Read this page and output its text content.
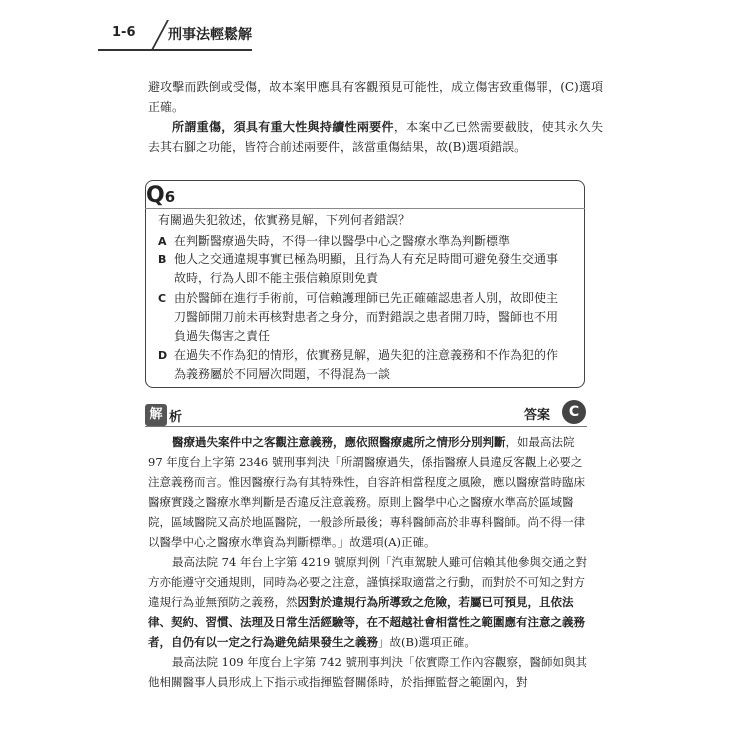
1-6 刑事法輕鬆解

避攻擊而跌倒或受傷，故本案甲應具有客觀預見可能性，成立傷害致重傷罪，(C)選項正確。

所謂重傷，須具有重大性與持續性兩要件，本案中乙已然需要截肢，使其永久失去其右腳之功能，皆符合前述兩要件，該當重傷結果，故(B)選項錯誤。

Q6
有關過失犯敘述，依實務見解，下列何者錯誤？
A 在判斷醫療過失時，不得一律以醫學中心之醫療水準為判斷標準
B 他人之交通違規事實已極為明顯，且行為人有充足時間可避免發生交通事
故時，行為人即不能主張信賴原則免責
C 由於醫師在進行手術前，可信賴護理師已先正確確認患者人別，故即使主
刀醫師開刀前未再核對患者之身分，而對錯誤之患者開刀時，醫師也不用
負過失傷害之責任
D 在過失不作為犯的情形，依實務見解，過失犯的注意義務和不作為犯的作
為義務屬於不同層次問題，不得混為一談
解 析	答案	C

醫療過失案件中之客觀注意義務，應依照醫療處所之情形分別判斷，如最高法院 97 年度台上字第 2346 號刑事判決「所謂醫療過失，係指醫療人員違反客觀上必要之注意義務而言。惟因醫療行為有其特殊性，自容許相當程度之風險，應以醫療當時臨床醫療實踐之醫療水準判斷是否違反注意義務。原則上醫學中心之醫療水準高於區域醫院，區域醫院又高於地區醫院，一般診所最後；專科醫師高於非專科醫師。尚不得一律以醫學中心之醫療水準資為判斷標準。」故選項(A)正確。

最高法院 74 年台上字第 4219 號原判例「汽車駕駛人雖可信賴其他參與交通之對方亦能遵守交通規則，同時為必要之注意，謹慎採取適當之行動，而對於不可知之對方違規行為並無預防之義務，然因對於違規行為所導致之危險，若屬已可預見，且依法律、契約、習慣、法理及日常生活經驗等，在不超越社會相當性之範圍應有注意之義務者，自仍有以一定之行為避免結果發生之義務」故(B)選項正確。

最高法院 109 年度台上字第 742 號刑事判決「依實際工作內容觀察，醫師如與其他相關醫事人員形成上下指示或指揮監督關係時，於指揮監督之範圍內，對
